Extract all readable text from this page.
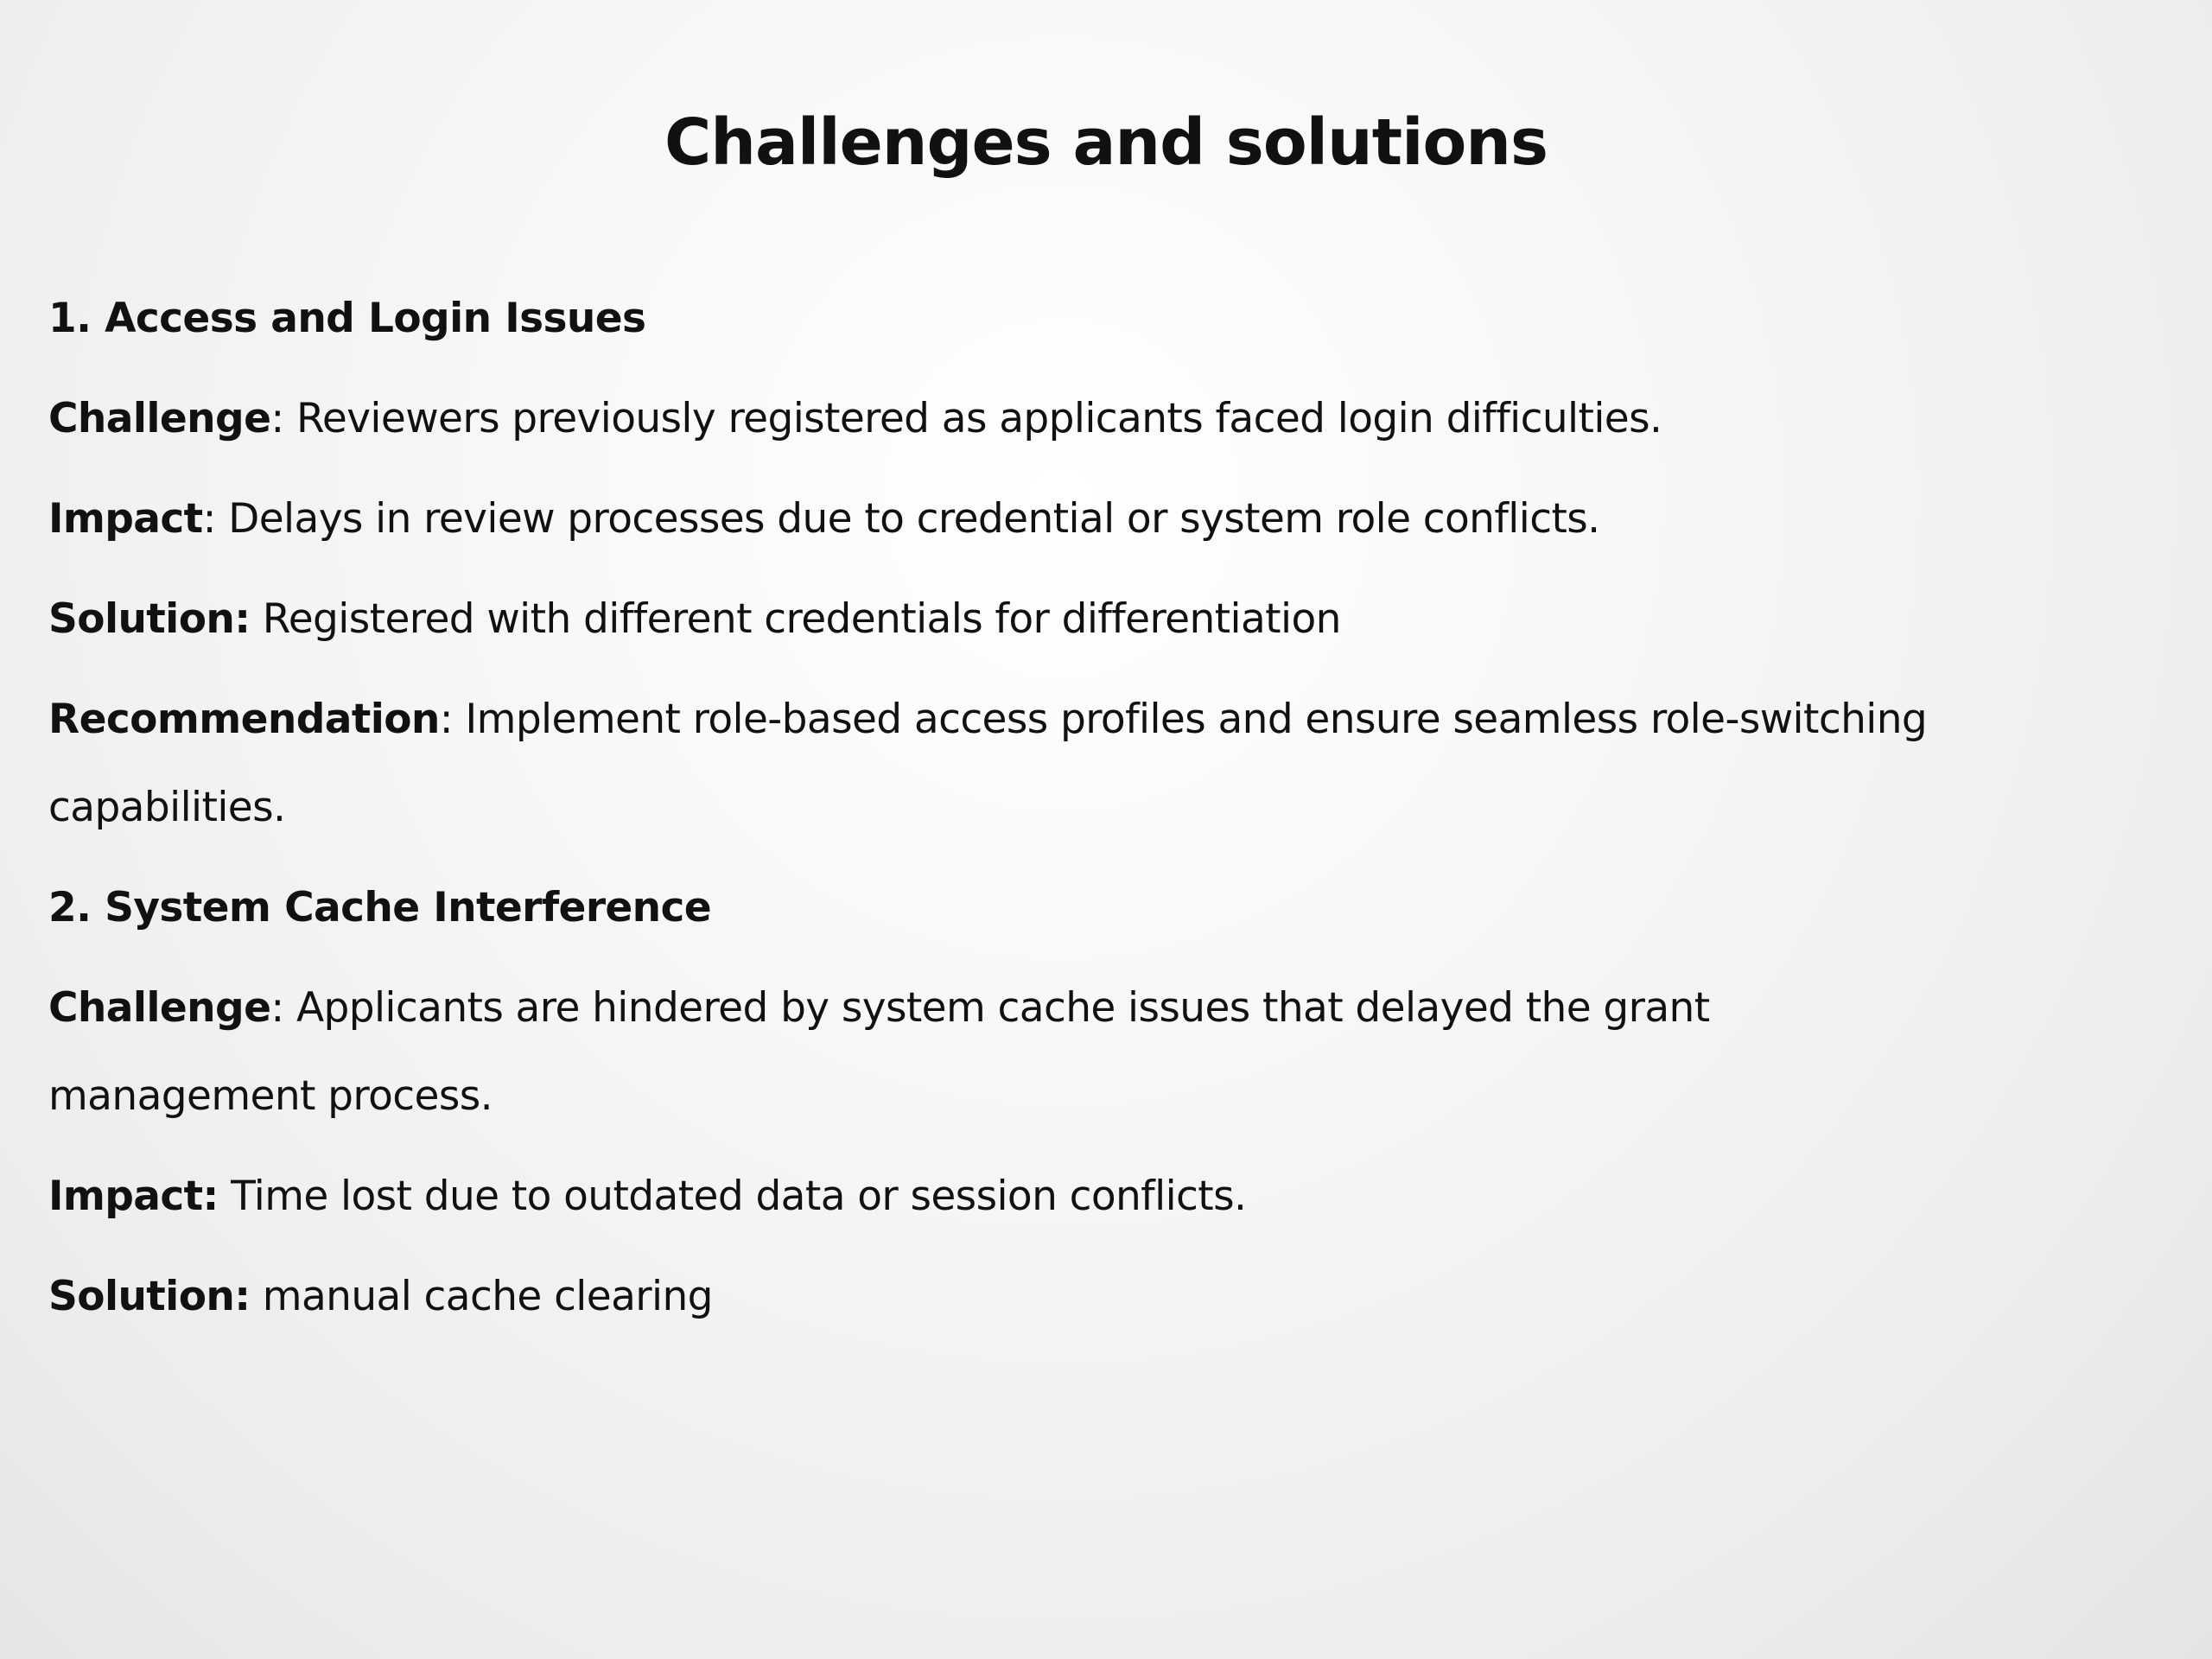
Challenges and solutions

1. Access and Login Issues

Challenge: Reviewers previously registered as applicants faced login difficulties.

Impact: Delays in review processes due to credential or system role conflicts.

Solution: Registered with different credentials for differentiation

Recommendation: Implement role-based access profiles and ensure seamless role-switching capabilities.

2. System Cache Interference

Challenge: Applicants are hindered by system cache issues that delayed the grant management process.

Impact: Time lost due to outdated data or session conflicts.

Solution: manual cache clearing
